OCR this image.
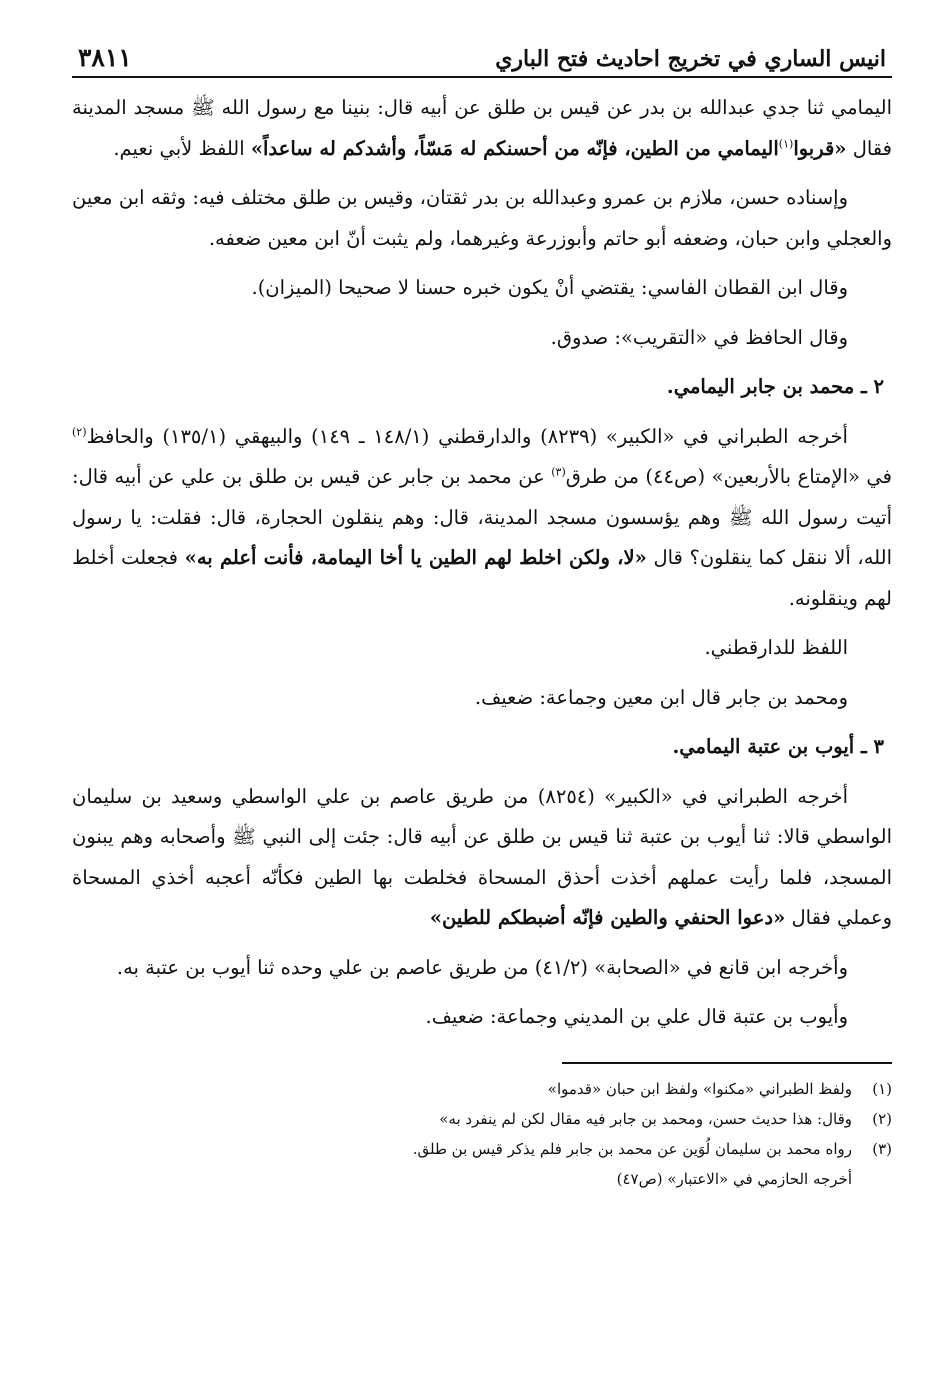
انيس الساري في تخريج احاديث فتح الباري
٣٨١١

اليمامي ثنا جدي عبدالله بن بدر عن قيس بن طلق عن أبيه قال: بنينا مع رسول الله ﷺ مسجد المدينة فقال «قربوا$^{(١)}$اليمامي من الطين، فإنّه من أحسنكم له مَسّاً، وأشدكم له ساعداً» اللفظ لأبي نعيم.

وإسناده حسن، ملازم بن عمرو وعبدالله بن بدر ثقتان، وقيس بن طلق مختلف فيه: وثقه ابن معين والعجلي وابن حبان، وضعفه أبو حاتم وأبوزرعة وغيرهما، ولم يثبت أنّ ابن معين ضعفه.

وقال ابن القطان الفاسي: يقتضي أنْ يكون خبره حسنا لا صحيحا (الميزان).

وقال الحافظ في «التقريب»: صدوق.

٢ ـ محمد بن جابر اليمامي.

أخرجه الطبراني في «الكبير» (٨٢٣٩) والدارقطني (١٤٨/١ ـ ١٤٩) والبيهقي (١٣٥/١) والحافظ$^{(٢)}$ في «الإمتاع بالأربعين» (ص٤٤) من طرق$^{(٣)}$ عن محمد بن جابر عن قيس بن طلق بن علي عن أبيه قال: أتيت رسول الله ﷺ وهم يؤسسون مسجد المدينة، قال: وهم ينقلون الحجارة، قال: فقلت: يا رسول الله، ألا ننقل كما ينقلون؟ قال «لا، ولكن اخلط لهم الطين يا أخا اليمامة، فأنت أعلم به» فجعلت أخلط لهم وينقلونه.

اللفظ للدارقطني.

ومحمد بن جابر قال ابن معين وجماعة: ضعيف.

٣ ـ أيوب بن عتبة اليمامي.

أخرجه الطبراني في «الكبير» (٨٢٥٤) من طريق عاصم بن علي الواسطي وسعيد بن سليمان الواسطي قالا: ثنا أيوب بن عتبة ثنا قيس بن طلق عن أبيه قال: جئت إلى النبي ﷺ وأصحابه وهم يبنون المسجد، فلما رأيت عملهم أخذت أحذق المسحاة فخلطت بها الطين فكأنّه أعجبه أخذي المسحاة وعملي فقال «دعوا الحنفي والطين فإنّه أضبطكم للطين»

وأخرجه ابن قانع في «الصحابة» (٤١/٢) من طريق عاصم بن علي وحده ثنا أيوب بن عتبة به.

وأيوب بن عتبة قال علي بن المديني وجماعة: ضعيف.

(١)
ولفظ الطبراني «مكنوا» ولفظ ابن حبان «قدموا»
(٢)
وقال: هذا حديث حسن، ومحمد بن جابر فيه مقال لكن لم ينفرد به»
(٣)
رواه محمد بن سليمان لُوَين عن محمد بن جابر فلم يذكر قيس بن طلق.
أخرجه الحازمي في «الاعتبار» (ص٤٧)
